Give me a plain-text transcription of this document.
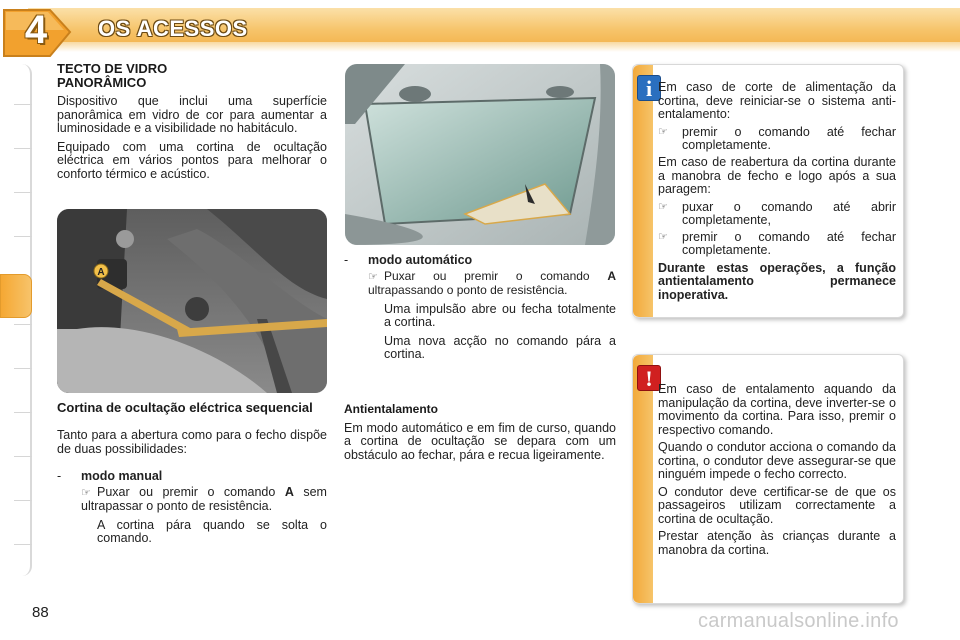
4	OS ACESSOS
TECTO DE VIDRO
PANORÂMICO

Dispositivo que inclui uma superfície panorâmica em vidro de cor para aumentar a luminosidade e a visibilidade no habitáculo.

Equipado com uma cortina de ocultação eléctrica em vários pontos para melhorar o conforto térmico e acústico.

A
Cortina de ocultação eléctrica sequencial

Tanto para a abertura como para o fecho dispõe de duas possibilidades:

-	modo manual
☞ Puxar ou premir o comando A sem ultrapassar o ponto de resistência.

A cortina pára quando se solta o comando.

-	modo automático
☞ Puxar ou premir o comando A ultrapassando o ponto de resistência.

Uma impulsão abre ou fecha totalmente a cortina.

Uma nova acção no comando pára a cortina.

Antientalamento

Em modo automático e em fim de curso, quando a cortina de ocultação se depara com um obstáculo ao fechar, pára e recua ligeiramente.

i Em caso de corte de alimentação da cortina, deve reiniciar-se o sistema anti-entalamento:

☞	premir o comando até fechar completamente.

Em caso de reabertura da cortina durante a manobra de fecho e logo após a sua paragem:

☞	puxar o comando até abrir completamente,
☞	premir o comando até fechar completamente.

Durante estas operações, a função antientalamento permanece inoperativa.

! Em caso de entalamento aquando da manipulação da cortina, deve inverter-se o movimento da cortina. Para isso, premir o respectivo comando.

Quando o condutor acciona o comando da cortina, o condutor deve assegurar-se que ninguém impede o fecho correcto.

O condutor deve certificar-se de que os passageiros utilizam correctamente a cortina de ocultação.

Prestar atenção às crianças durante a manobra da cortina.

88	carmanualsonline.info
